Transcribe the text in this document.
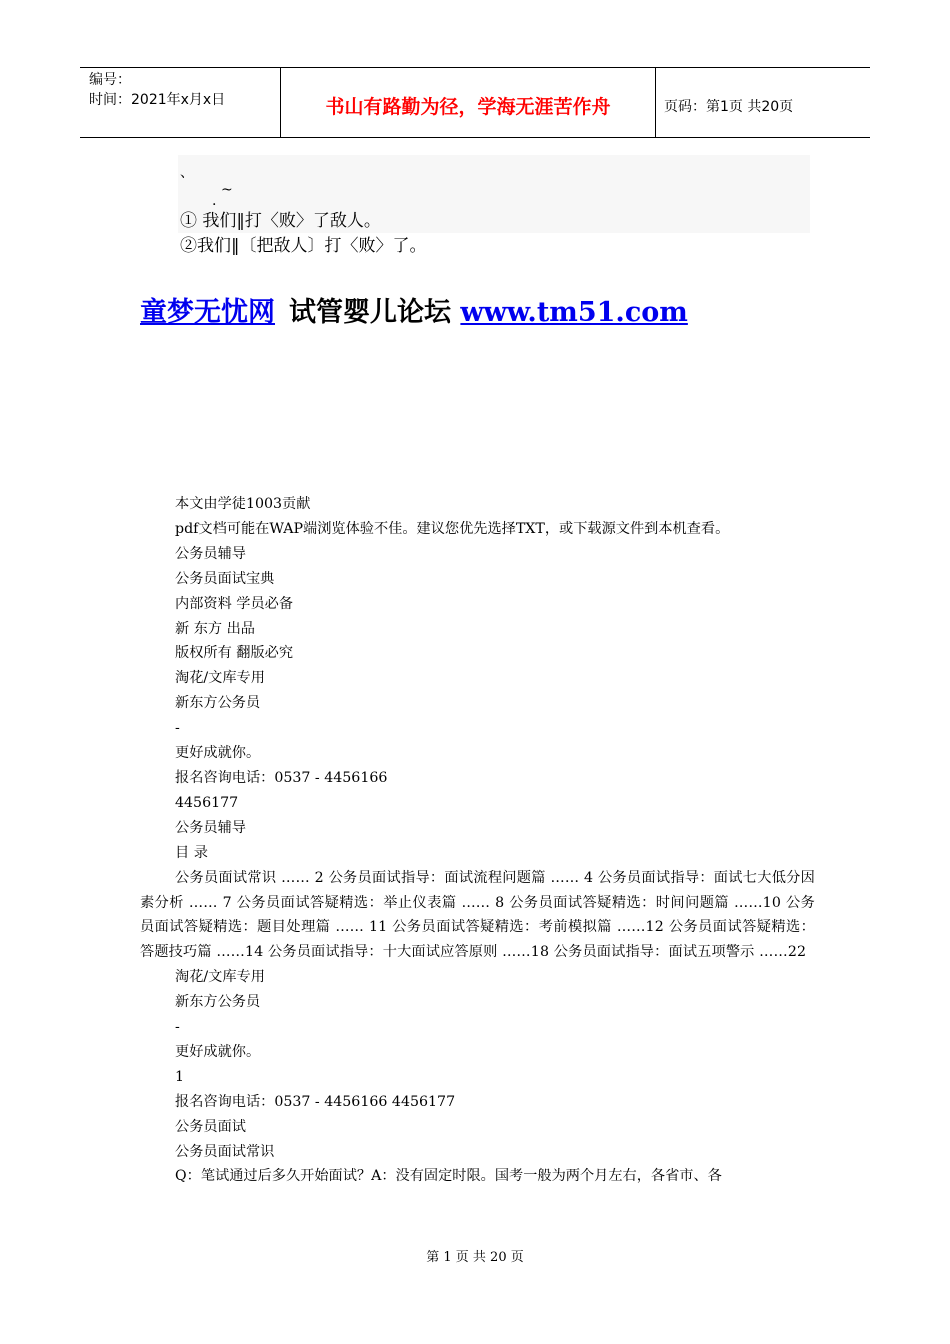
编号：
时间：2021年x月x日	书山有路勤为径，学海无涯苦作舟	页码：第1页 共20页
、
~
.
① 我们‖打〈败〉了敌人。
②我们‖〔把敌人〕打〈败〉了。
童梦无忧网 试管婴儿论坛 www.tm51.com

本文由学徒1003贡献

pdf文档可能在WAP端浏览体验不佳。建议您优先选择TXT，或下载源文件到本机查看。

公务员辅导

公务员面试宝典

内部资料 学员必备

新 东方 出品

版权所有 翻版必究

淘花/文库专用

新东方公务员

-

更好成就你。

报名咨询电话：0537 - 4456166

4456177

公务员辅导

目 录

公务员面试常识 …… 2 公务员面试指导：面试流程问题篇 …… 4 公务员面试指导：面试七大低分因素分析 …… 7 公务员面试答疑精选：举止仪表篇 …… 8 公务员面试答疑精选：时间问题篇 ……10 公务员面试答疑精选：题目处理篇 …… 11 公务员面试答疑精选：考前模拟篇 ……12 公务员面试答疑精选：答题技巧篇 ……14 公务员面试指导：十大面试应答原则 ……18 公务员面试指导：面试五项警示 ……22

淘花/文库专用

新东方公务员

-

更好成就你。

1

报名咨询电话：0537 - 4456166 4456177

公务员面试

公务员面试常识

Q：笔试通过后多久开始面试？A：没有固定时限。国考一般为两个月左右，各省市、各

第 1 页 共 20 页
